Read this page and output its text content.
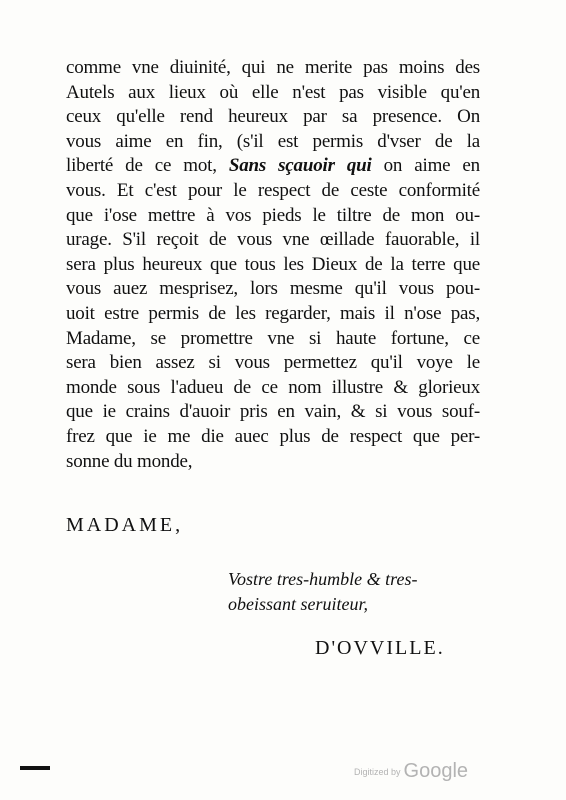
comme vne diuinité, qui ne merite pas moins des
Autels aux lieux où elle n'est pas visible qu'en
ceux qu'elle rend heureux par sa presence. On
vous aime en fin, (s'il est permis d'vser de la
liberté de ce mot, Sans sçauoir qui on aime en
vous. Et c'est pour le respect de ceste conformité
que i'ose mettre à vos pieds le tiltre de mon ou-
urage. S'il reçoit de vous vne œillade fauorable, il
sera plus heureux que tous les Dieux de la terre que
vous auez mesprisez, lors mesme qu'il vous pou-
uoit estre permis de les regarder, mais il n'ose pas,
Madame, se promettre vne si haute fortune, ce
sera bien assez si vous permettez qu'il voye le
monde sous l'adueu de ce nom illustre & glorieux
que ie crains d'auoir pris en vain, & si vous souf-
frez que ie me die auec plus de respect que per-
sonne du monde,
MADAME,
Vostre tres-humble & tres-
obeissant seruiteur,
D'OVVILLE.
Digitized by Google
